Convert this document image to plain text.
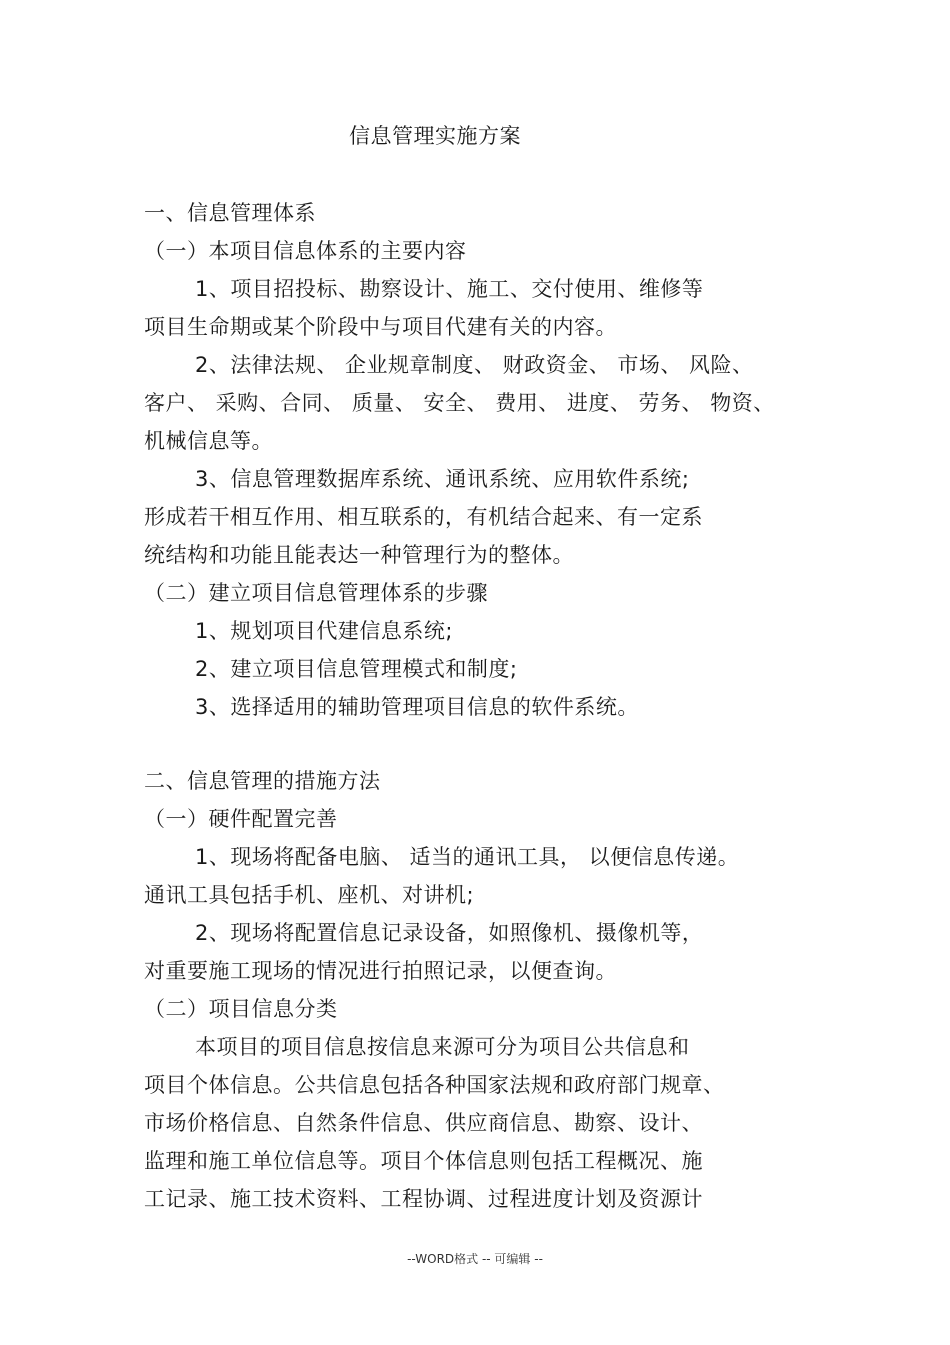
信息管理实施方案
一、信息管理体系
（一）本项目信息体系的主要内容
1、项目招投标、勘察设计、施工、交付使用、维修等
项目生命期或某个阶段中与项目代建有关的内容。
2、法律法规、 企业规章制度、 财政资金、 市场、 风险、
客户、 采购、合同、 质量、 安全、 费用、 进度、 劳务、 物资、
机械信息等。
3、信息管理数据库系统、通讯系统、应用软件系统;
形成若干相互作用、相互联系的，有机结合起来、有一定系
统结构和功能且能表达一种管理行为的整体。
（二）建立项目信息管理体系的步骤
1、规划项目代建信息系统;
2、建立项目信息管理模式和制度;
3、选择适用的辅助管理项目信息的软件系统。
二、信息管理的措施方法
（一）硬件配置完善
1、现场将配备电脑、 适当的通讯工具， 以便信息传递。
通讯工具包括手机、座机、对讲机;
2、现场将配置信息记录设备，如照像机、摄像机等，
对重要施工现场的情况进行拍照记录，以便查询。
（二）项目信息分类
本项目的项目信息按信息来源可分为项目公共信息和
项目个体信息。公共信息包括各种国家法规和政府部门规章、
市场价格信息、自然条件信息、供应商信息、勘察、设计、
监理和施工单位信息等。项目个体信息则包括工程概况、施
工记录、施工技术资料、工程协调、过程进度计划及资源计
--WORD格式 -- 可编辑 --
